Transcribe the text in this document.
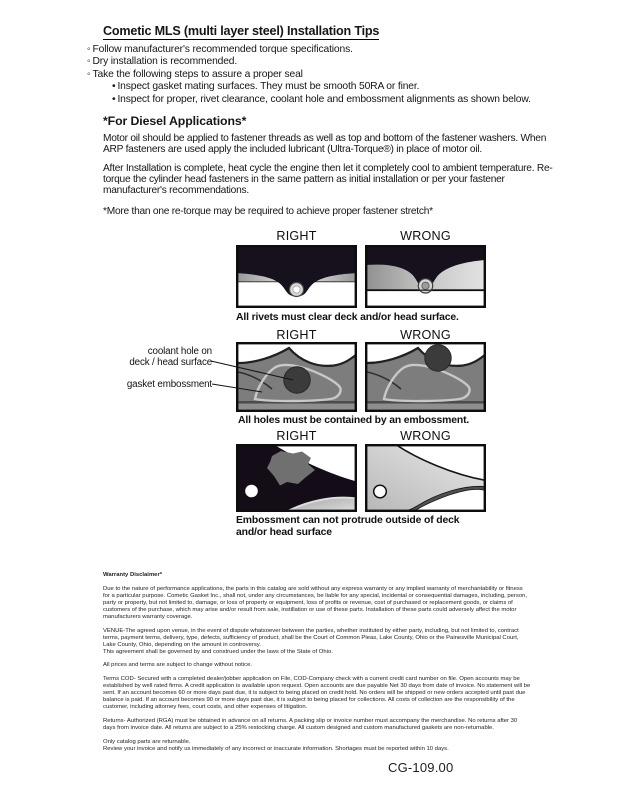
Cometic MLS (multi layer steel) Installation Tips
◦ Follow manufacturer's recommended torque specifications.
◦ Dry installation is recommended.
◦ Take the following steps to assure a proper seal
• Inspect gasket mating surfaces. They must be smooth 50RA or finer.
• Inspect for proper, rivet clearance, coolant hole and embossment alignments as shown below.
*For Diesel Applications*
Motor oil should be applied to fastener threads as well as top and bottom of the fastener washers. When ARP fasteners are used apply the included lubricant (Ultra-Torque®) in place of motor oil.
After Installation is complete, heat cycle the engine then let it completely cool to ambient temperature. Re-torque the cylinder head fasteners in the same pattern as initial installation or per your fastener manufacturer's recommendations.
*More than one re-torque may be required to achieve proper fastener stretch*
RIGHT	WRONG
All rivets must clear deck and/or head surface.
RIGHT	WRONG
coolant hole on
deck / head surface
gasket embossment
All holes must be contained by an embossment.
RIGHT	WRONG
Embossment can not protrude outside of deck and/or head surface
Warranty Disclaimer*

Due to the nature of performance applications, the parts in this catalog are sold without any express warranty or any implied warranty of merchantability or fitness for a particular purpose. Cometic Gasket Inc., shall not, under any circumstances, be liable for any special, incidental or consequential damages, including, person, party or property, but not limited to, damage, or loss of property or equipment, loss of profits or revenue, cost of purchased or replacement goods, or claims of customers of the purchase, which may arise and/or result from sale, instillation or use of these parts. Installation of these parts could adversely affect the motor manufacturers warranty coverage.

VENUE-The agreed upon venue, in the event of dispute whatsoever between the parties, whether instituted by either party, including, but not limited to, contract terms, payment terms, delivery, type, defects, sufficiency of product, shall be the Court of Common Pleas, Lake County, Ohio or the Painesville Municipal Court, Lake County, Ohio, depending on the amount in controversy.
This agreement shall be governed by and construed under the laws of the State of Ohio.

All prices and terms are subject to change without notice.

Terms COD- Secured with a completed dealer/jobber application on File, COD-Company check with a current credit card number on file. Open accounts may be established by well rated firms. A credit application is available upon request. Open accounts are due payable Net 30 days from date of invoice. No statement will be sent. If an account becomes 60 or more days past due, it is subject to being placed on credit hold. No orders will be shipped or new orders accepted until past due balance is paid. If an account becomes 90 or more days past due, it is subject to being placed for collections. All costs of collection are the responsibility of the customer, including attorney fees, court costs, and other expenses of litigation.

Returns- Authorized (RGA) must be obtained in advance on all returns. A packing slip or invoice number must accompany the merchandise. No returns after 30 days from invoice date. All returns are subject to a 25% restocking charge. All custom designed and custom manufactured gaskets are non-returnable.

Only catalog parts are returnable.
Review your invoice and notify us immediately of any incorrect or inaccurate information. Shortages must be reported within 10 days.

CG-109.00
